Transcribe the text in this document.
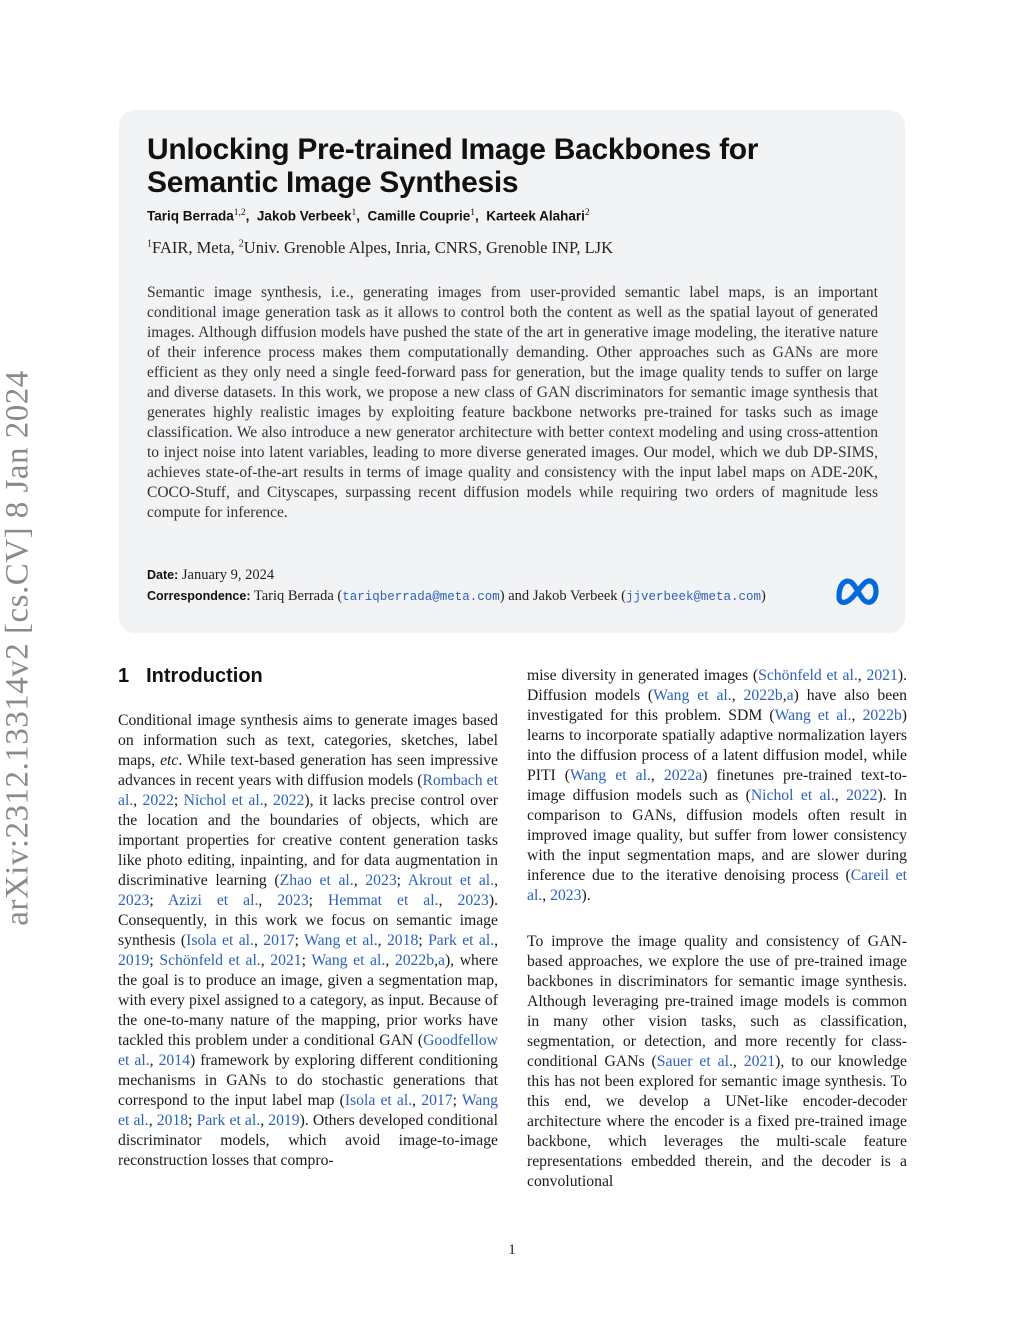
arXiv:2312.13314v2 [cs.CV] 8 Jan 2024
Unlocking Pre-trained Image Backbones for Semantic Image Synthesis
Tariq Berrada$^{1,2}$,  Jakob Verbeek$^1$,  Camille Couprie$^1$,  Karteek Alahari$^2$
$^1$FAIR, Meta, $^2$Univ. Grenoble Alpes, Inria, CNRS, Grenoble INP, LJK
Semantic image synthesis, i.e., generating images from user-provided semantic label maps, is an important conditional image generation task as it allows to control both the content as well as the spatial layout of generated images. Although diffusion models have pushed the state of the art in generative image modeling, the iterative nature of their inference process makes them computationally demanding. Other approaches such as GANs are more efficient as they only need a single feed-forward pass for generation, but the image quality tends to suffer on large and diverse datasets. In this work, we propose a new class of GAN discriminators for semantic image synthesis that generates highly realistic images by exploiting feature backbone networks pre-trained for tasks such as image classification. We also introduce a new generator architecture with better context modeling and using cross-attention to inject noise into latent variables, leading to more diverse generated images. Our model, which we dub DP-SIMS, achieves state-of-the-art results in terms of image quality and consistency with the input label maps on ADE-20K, COCO-Stuff, and Cityscapes, surpassing recent diffusion models while requiring two orders of magnitude less compute for inference.
Date: January 9, 2024
Correspondence: Tariq Berrada (tariqberrada@meta.com) and Jakob Verbeek (jjverbeek@meta.com)
1 Introduction

Conditional image synthesis aims to generate images based on information such as text, categories, sketches, label maps, etc. While text-based generation has seen impressive advances in recent years with diffusion models (Rombach et al., 2022; Nichol et al., 2022), it lacks precise control over the location and the boundaries of objects, which are important properties for creative content generation tasks like photo editing, inpainting, and for data augmentation in discriminative learning (Zhao et al., 2023; Akrout et al., 2023; Azizi et al., 2023; Hemmat et al., 2023). Consequently, in this work we focus on semantic image synthesis (Isola et al., 2017; Wang et al., 2018; Park et al., 2019; Schönfeld et al., 2021; Wang et al., 2022b,a), where the goal is to produce an image, given a segmentation map, with every pixel assigned to a category, as input. Because of the one-to-many nature of the mapping, prior works have tackled this problem under a conditional GAN (Goodfellow et al., 2014) framework by exploring different conditioning mechanisms in GANs to do stochastic generations that correspond to the input label map (Isola et al., 2017; Wang et al., 2018; Park et al., 2019). Others developed conditional discriminator models, which avoid image-to-image reconstruction losses that compro-

mise diversity in generated images (Schönfeld et al., 2021). Diffusion models (Wang et al., 2022b,a) have also been investigated for this problem. SDM (Wang et al., 2022b) learns to incorporate spatially adaptive normalization layers into the diffusion process of a latent diffusion model, while PITI (Wang et al., 2022a) finetunes pre-trained text-to-image diffusion models such as (Nichol et al., 2022). In comparison to GANs, diffusion models often result in improved image quality, but suffer from lower consistency with the input segmentation maps, and are slower during inference due to the iterative denoising process (Careil et al., 2023).

To improve the image quality and consistency of GAN-based approaches, we explore the use of pre-trained image backbones in discriminators for semantic image synthesis. Although leveraging pre-trained image models is common in many other vision tasks, such as classification, segmentation, or detection, and more recently for class-conditional GANs (Sauer et al., 2021), to our knowledge this has not been explored for semantic image synthesis. To this end, we develop a UNet-like encoder-decoder architecture where the encoder is a fixed pre-trained image backbone, which leverages the multi-scale feature representations embedded therein, and the decoder is a convolutional

1
